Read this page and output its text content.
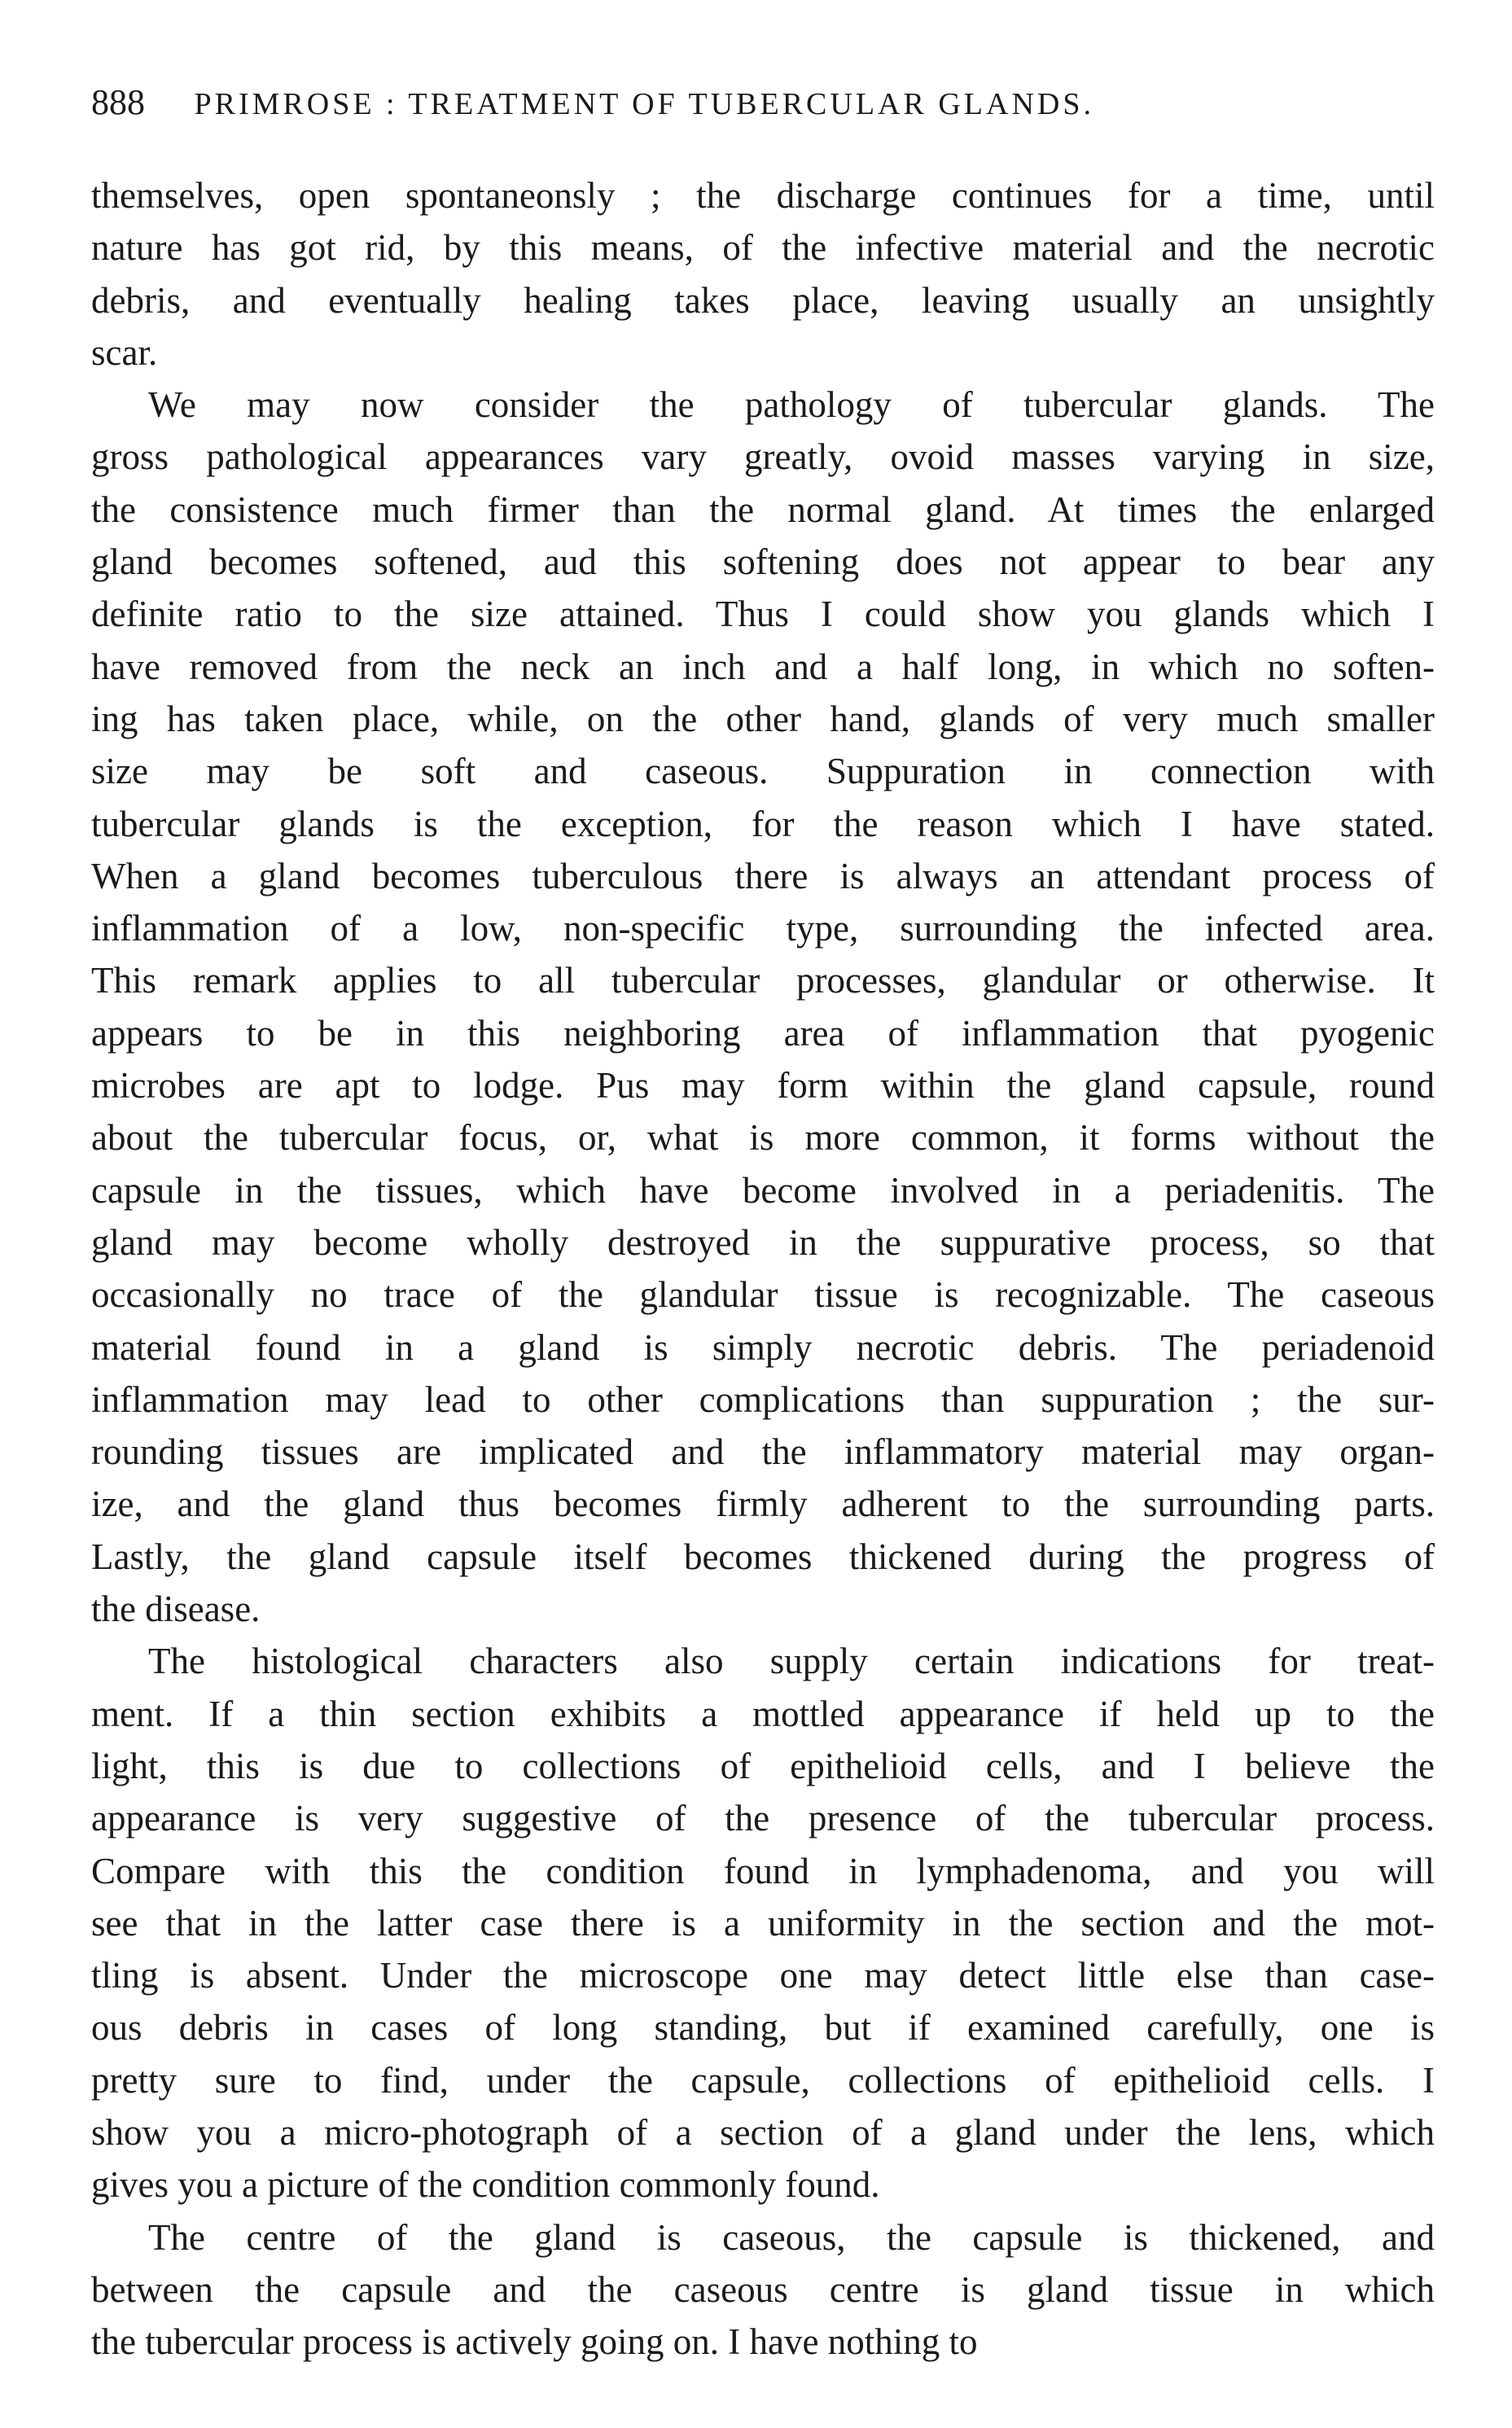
888 PRIMROSE : TREATMENT OF TUBERCULAR GLANDS.
themselves, open spontaneonsly ; the discharge continues for a time, until
nature has got rid, by this means, of the infective material and the necrotic
debris, and eventually healing takes place, leaving usually an unsightly
scar.
We may now consider the pathology of tubercular glands. The
gross pathological appearances vary greatly, ovoid masses varying in size,
the consistence much firmer than the normal gland. At times the enlarged
gland becomes softened, aud this softening does not appear to bear any
definite ratio to the size attained. Thus I could show you glands which I
have removed from the neck an inch and a half long, in which no soften-
ing has taken place, while, on the other hand, glands of very much smaller
size may be soft and caseous. Suppuration in connection with
tubercular glands is the exception, for the reason which I have stated.
When a gland becomes tuberculous there is always an attendant process of
inflammation of a low, non-specific type, surrounding the infected area.
This remark applies to all tubercular processes, glandular or otherwise. It
appears to be in this neighboring area of inflammation that pyogenic
microbes are apt to lodge. Pus may form within the gland capsule, round
about the tubercular focus, or, what is more common, it forms without the
capsule in the tissues, which have become involved in a periadenitis. The
gland may become wholly destroyed in the suppurative process, so that
occasionally no trace of the glandular tissue is recognizable. The caseous
material found in a gland is simply necrotic debris. The periadenoid
inflammation may lead to other complications than suppuration ; the sur-
rounding tissues are implicated and the inflammatory material may organ-
ize, and the gland thus becomes firmly adherent to the surrounding parts.
Lastly, the gland capsule itself becomes thickened during the progress of
the disease.
The histological characters also supply certain indications for treat-
ment. If a thin section exhibits a mottled appearance if held up to the
light, this is due to collections of epithelioid cells, and I believe the
appearance is very suggestive of the presence of the tubercular process.
Compare with this the condition found in lymphadenoma, and you will
see that in the latter case there is a uniformity in the section and the mot-
tling is absent. Under the microscope one may detect little else than case-
ous debris in cases of long standing, but if examined carefully, one is
pretty sure to find, under the capsule, collections of epithelioid cells. I
show you a micro-photograph of a section of a gland under the lens, which
gives you a picture of the condition commonly found.
The centre of the gland is caseous, the capsule is thickened, and
between the capsule and the caseous centre is gland tissue in which
the tubercular process is actively going on. I have nothing to
